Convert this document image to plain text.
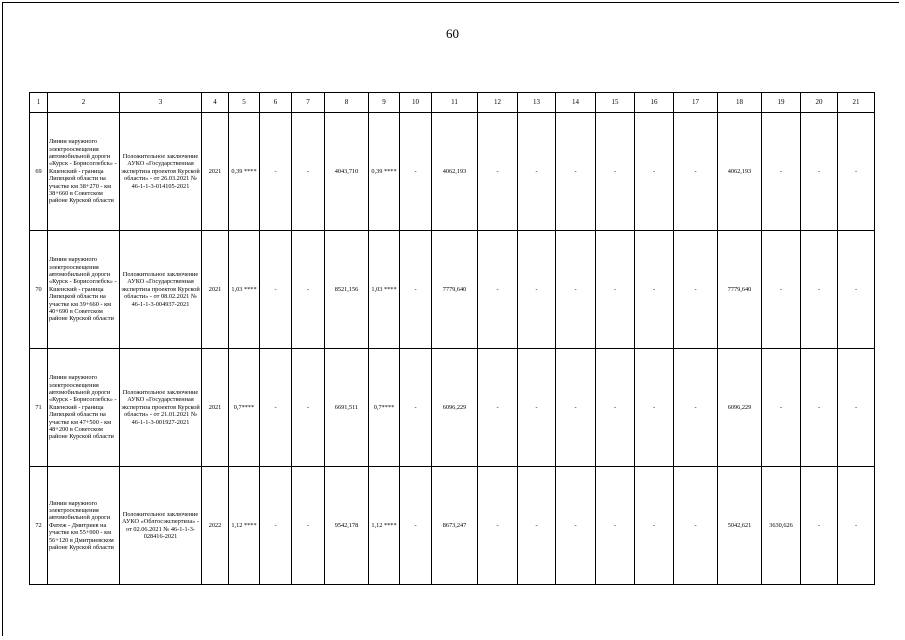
60
1	2	3	4	5	6	7	8	9	10	11	12	13	14	15	16	17	18	19	20	21
69	Линии наружного электроосвещения автомобильной дороги «Курск - Борисоглебск» - Кшенский - граница Липецкой области на участке км 38+270 - км 38+660 в Советском районе Курской области	Положительное заключение АУКО «Государственная экспертиза проектов Курской области» - от 26.03.2021 № 46-1-1-3-014105-2021	2021	0,39 ****	-	-	4043,710	0,39 ****	-	4062,193	-	-	-	-	-	-	4062,193	-	-	-
70	Линии наружного электроосвещения автомобильной дороги «Курск - Борисоглебск» - Кшенский - граница Липецкой области на участке км 39+660 - км 40+690 в Советском районе Курской области	Положительное заключение АУКО «Государственная экспертиза проектов Курской области» - от 08.02.2021 № 46-1-1-3-004937-2021	2021	1,03 ****	-	-	8521,156	1,03 ****	-	7779,640	-	-	-	-	-	-	7779,640	-	-	-
71	Линии наружного электроосвещения автомобильной дороги «Курск - Борисоглебск» - Кшенский - граница Липецкой области на участке км 47+500 - км 48+200 в Советском районе Курской области	Положительное заключение АУКО «Государственная экспертиза проектов Курской области» - от 21.01.2021 № 46-1-1-3-001927-2021	2021	0,7****	-	-	6691,511	0,7****	-	6096,229	-	-	-	-	-	-	6096,229	-	-	-
72	Линии наружного электроосвещения автомобильной дороги Фатеж - Дмитриев на участке км 55+000 - км 56+120 в Дмитриевском районе Курской области	Положительное заключение АУКО «Облгосэкспертиза» - от 02.06.2021 № 46-1-1-3-028416-2021	2022	1,12 ****	-	-	9542,178	1,12 ****	-	8673,247	-	-	-	-	-	-	5042,621	3630,626	-	-
